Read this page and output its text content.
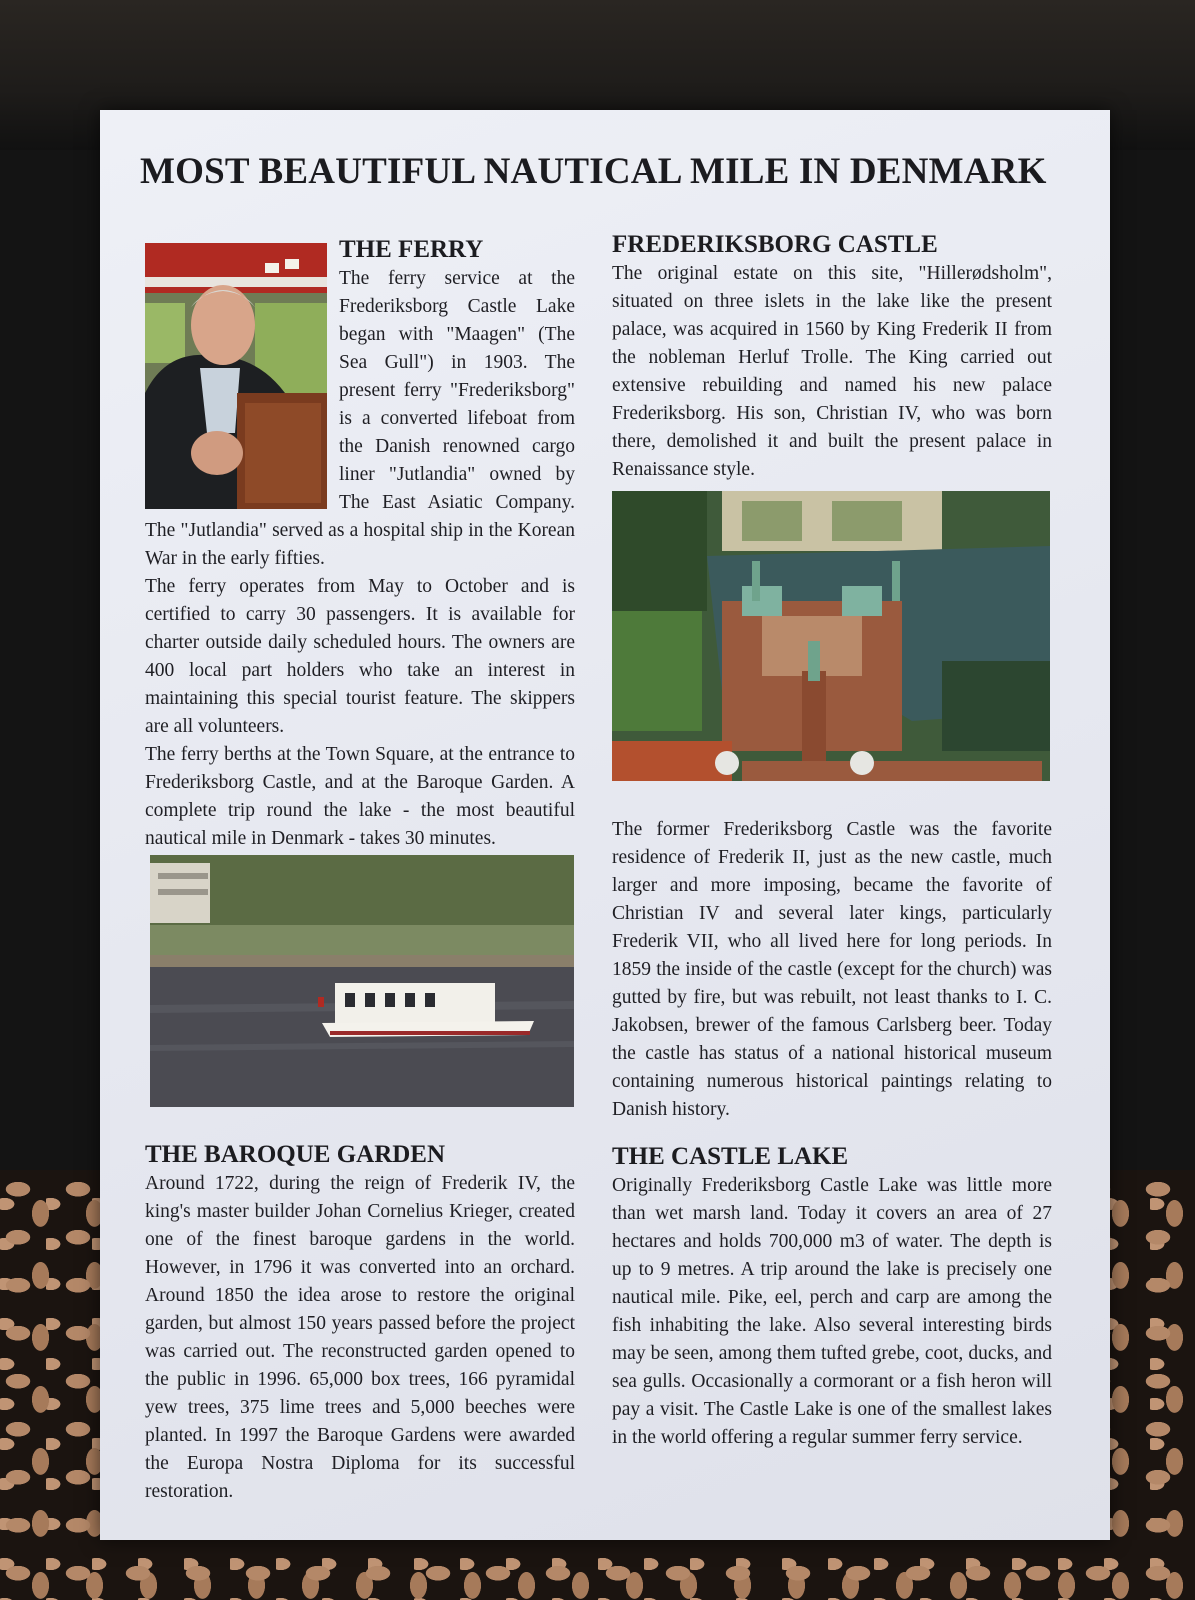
MOST BEAUTIFUL NAUTICAL MILE IN DENMARK
THE FERRY

The ferry service at the Frederiksborg Castle Lake began with "Maagen" (The Sea Gull") in 1903. The present ferry "Frederiksborg" is a converted lifeboat from the Danish renowned cargo liner "Jutlandia" owned by The East Asiatic Company. The "Jutlandia" served as a hospital ship in the Korean War in the early fifties.

The ferry operates from May to October and is certified to carry 30 passengers. It is available for charter outside daily scheduled hours. The owners are 400 local part holders who take an interest in maintaining this special tourist feature. The skippers are all volunteers.

The ferry berths at the Town Square, at the entrance to Frederiksborg Castle, and at the Baroque Garden. A complete trip round the lake - the most beautiful nautical mile in Denmark - takes 30 minutes.

THE BAROQUE GARDEN

Around 1722, during the reign of Frederik IV, the king's master builder Johan Cornelius Krieger, created one of the finest baroque gardens in the world. However, in 1796 it was converted into an orchard. Around 1850 the idea arose to restore the original garden, but almost 150 years passed before the project was carried out. The reconstructed garden opened to the public in 1996. 65,000 box trees, 166 pyramidal yew trees, 375 lime trees and 5,000 beeches were planted. In 1997 the Baroque Gardens were awarded the Europa Nostra Diploma for its successful restoration.

FREDERIKSBORG CASTLE

The original estate on this site, "Hillerødsholm", situated on three islets in the lake like the present palace, was acquired in 1560 by King Frederik II from the nobleman Herluf Trolle. The King carried out extensive rebuilding and named his new palace Frederiksborg. His son, Christian IV, who was born there, demolished it and built the present palace in Renaissance style.

The former Frederiksborg Castle was the favorite residence of Frederik II, just as the new castle, much larger and more imposing, became the favorite of Christian IV and several later kings, particularly Frederik VII, who all lived here for long periods. In 1859 the inside of the castle (except for the church) was gutted by fire, but was rebuilt, not least thanks to I. C. Jakobsen, brewer of the famous Carlsberg beer. Today the castle has status of a national historical museum containing numerous historical paintings relating to Danish history.

THE CASTLE LAKE

Originally Frederiksborg Castle Lake was little more than wet marsh land. Today it covers an area of 27 hectares and holds 700,000 m3 of water. The depth is up to 9 metres. A trip around the lake is precisely one nautical mile. Pike, eel, perch and carp are among the fish inhabiting the lake. Also several interesting birds may be seen, among them tufted grebe, coot, ducks, and sea gulls. Occasionally a cormorant or a fish heron will pay a visit. The Castle Lake is one of the smallest lakes in the world offering a regular summer ferry service.
